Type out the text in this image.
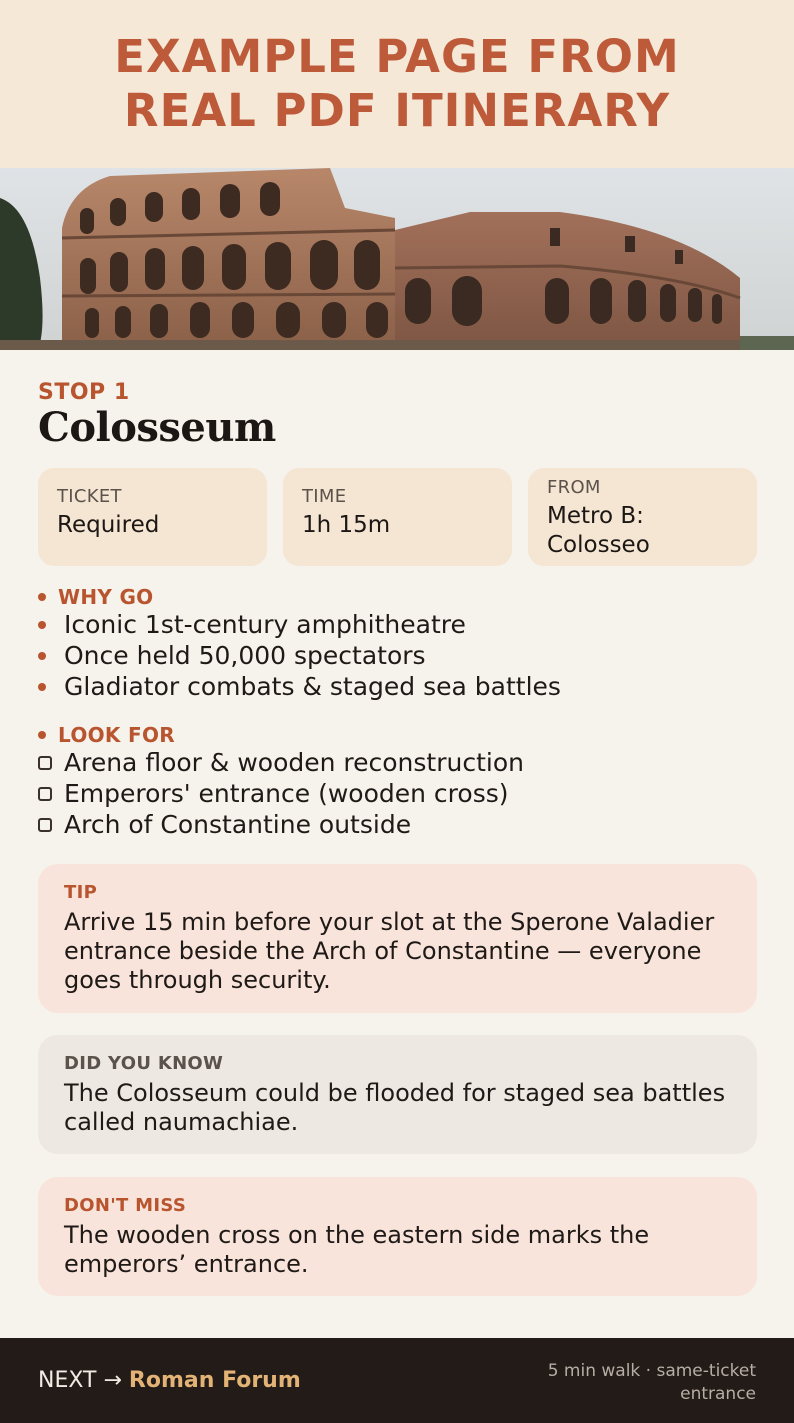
EXAMPLE PAGE FROM
REAL PDF ITINERARY
STOP 1
Colosseum
TICKET
Required
TIME
1h 15m
FROM
Metro B: Colosseo
WHY GO
Iconic 1st-century amphitheatre
Once held 50,000 spectators
Gladiator combats & staged sea battles
LOOK FOR
Arena floor & wooden reconstruction
Emperors' entrance (wooden cross)
Arch of Constantine outside
TIP
Arrive 15 min before your slot at the Sperone Valadier entrance beside the Arch of Constantine — everyone goes through security.
DID YOU KNOW
The Colosseum could be flooded for staged sea battles called naumachiae.
DON'T MISS
The wooden cross on the eastern side marks the emperors’ entrance.
NEXT → Roman Forum	5 min walk · same-ticket
entrance
